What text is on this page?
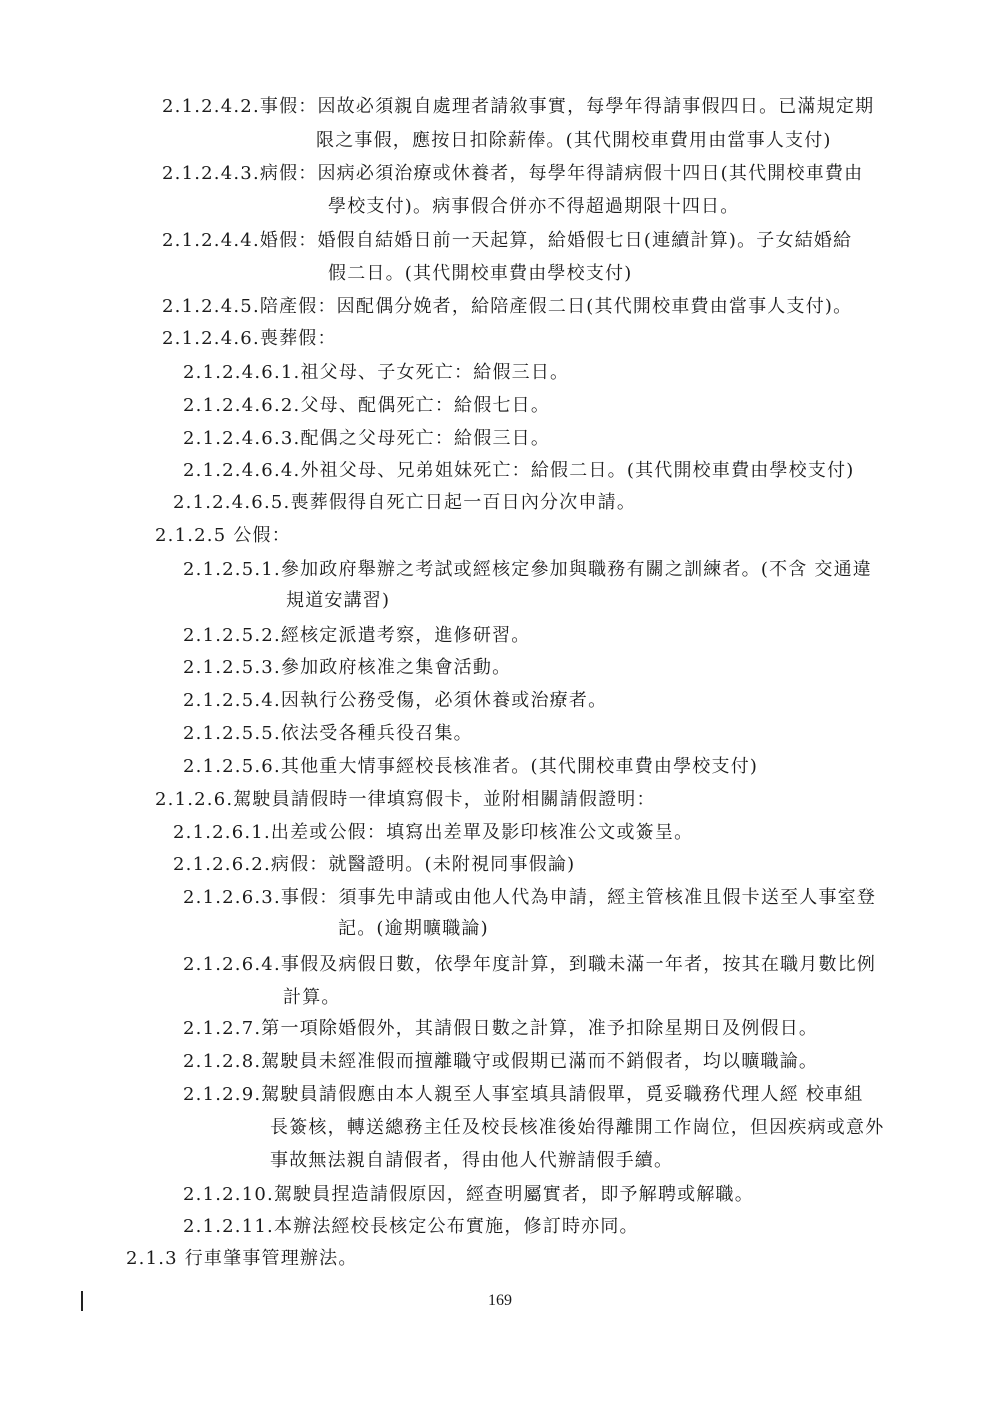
2.1.2.4.2.事假：因故必須親自處理者請敘事實，每學年得請事假四日。已滿規定期
限之事假，應按日扣除薪俸。(其代開校車費用由當事人支付)
2.1.2.4.3.病假：因病必須治療或休養者，每學年得請病假十四日(其代開校車費由
學校支付)。病事假合併亦不得超過期限十四日。
2.1.2.4.4.婚假：婚假自結婚日前一天起算，給婚假七日(連續計算)。子女結婚給
假二日。(其代開校車費由學校支付)
2.1.2.4.5.陪產假：因配偶分娩者，給陪產假二日(其代開校車費由當事人支付)。
2.1.2.4.6.喪葬假：
2.1.2.4.6.1.祖父母、子女死亡：給假三日。
2.1.2.4.6.2.父母、配偶死亡：給假七日。
2.1.2.4.6.3.配偶之父母死亡：給假三日。
2.1.2.4.6.4.外祖父母、兄弟姐妹死亡：給假二日。(其代開校車費由學校支付)
2.1.2.4.6.5.喪葬假得自死亡日起一百日內分次申請。
2.1.2.5 公假：
2.1.2.5.1.參加政府舉辦之考試或經核定參加與職務有關之訓練者。(不含 交通違
規道安講習)
2.1.2.5.2.經核定派遣考察，進修研習。
2.1.2.5.3.參加政府核准之集會活動。
2.1.2.5.4.因執行公務受傷，必須休養或治療者。
2.1.2.5.5.依法受各種兵役召集。
2.1.2.5.6.其他重大情事經校長核准者。(其代開校車費由學校支付)
2.1.2.6.駕駛員請假時一律填寫假卡，並附相關請假證明：
2.1.2.6.1.出差或公假：填寫出差單及影印核准公文或簽呈。
2.1.2.6.2.病假：就醫證明。(未附視同事假論)
2.1.2.6.3.事假：須事先申請或由他人代為申請，經主管核准且假卡送至人事室登
記。(逾期曠職論)
2.1.2.6.4.事假及病假日數，依學年度計算，到職未滿一年者，按其在職月數比例
計算。
2.1.2.7.第一項除婚假外，其請假日數之計算，准予扣除星期日及例假日。
2.1.2.8.駕駛員未經准假而擅離職守或假期已滿而不銷假者，均以曠職論。
2.1.2.9.駕駛員請假應由本人親至人事室填具請假單，覓妥職務代理人經 校車組
長簽核，轉送總務主任及校長核准後始得離開工作崗位，但因疾病或意外
事故無法親自請假者，得由他人代辦請假手續。
2.1.2.10.駕駛員捏造請假原因，經查明屬實者，即予解聘或解職。
2.1.2.11.本辦法經校長核定公布實施，修訂時亦同。
2.1.3 行車肇事管理辦法。
169
